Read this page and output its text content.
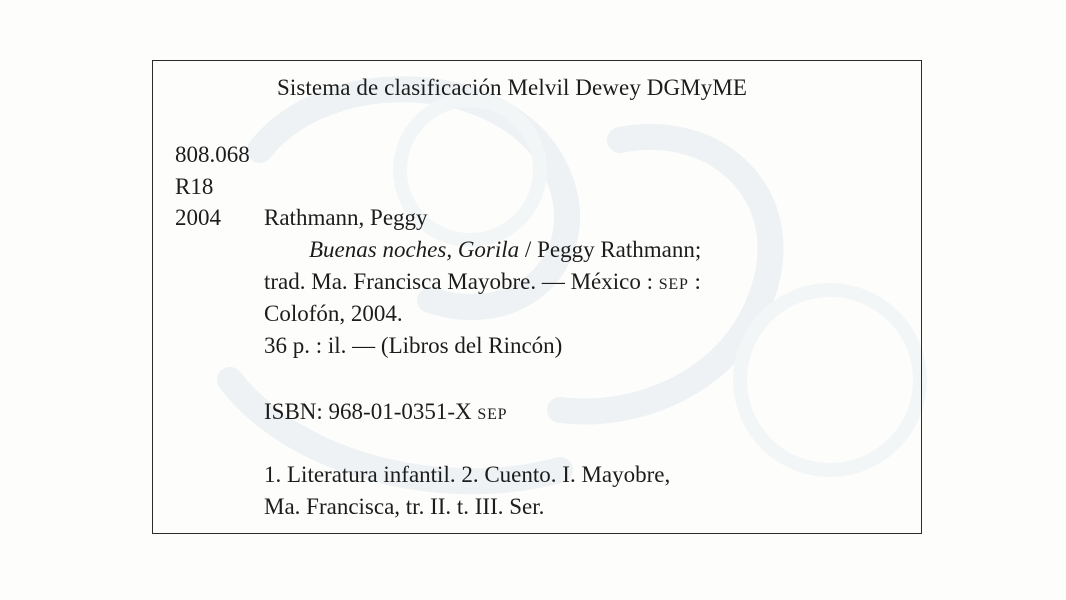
Sistema de clasificación Melvil Dewey DGMyME
808.068
R18
2004 Rathmann, Peggy
Buenas noches, Gorila / Peggy Rathmann;
trad. Ma. Francisca Mayobre. — México : SEP :
Colofón, 2004.
36 p. : il. — (Libros del Rincón)
ISBN: 968-01-0351-X SEP
1. Literatura infantil. 2. Cuento. I. Mayobre,
Ma. Francisca, tr. II. t. III. Ser.
